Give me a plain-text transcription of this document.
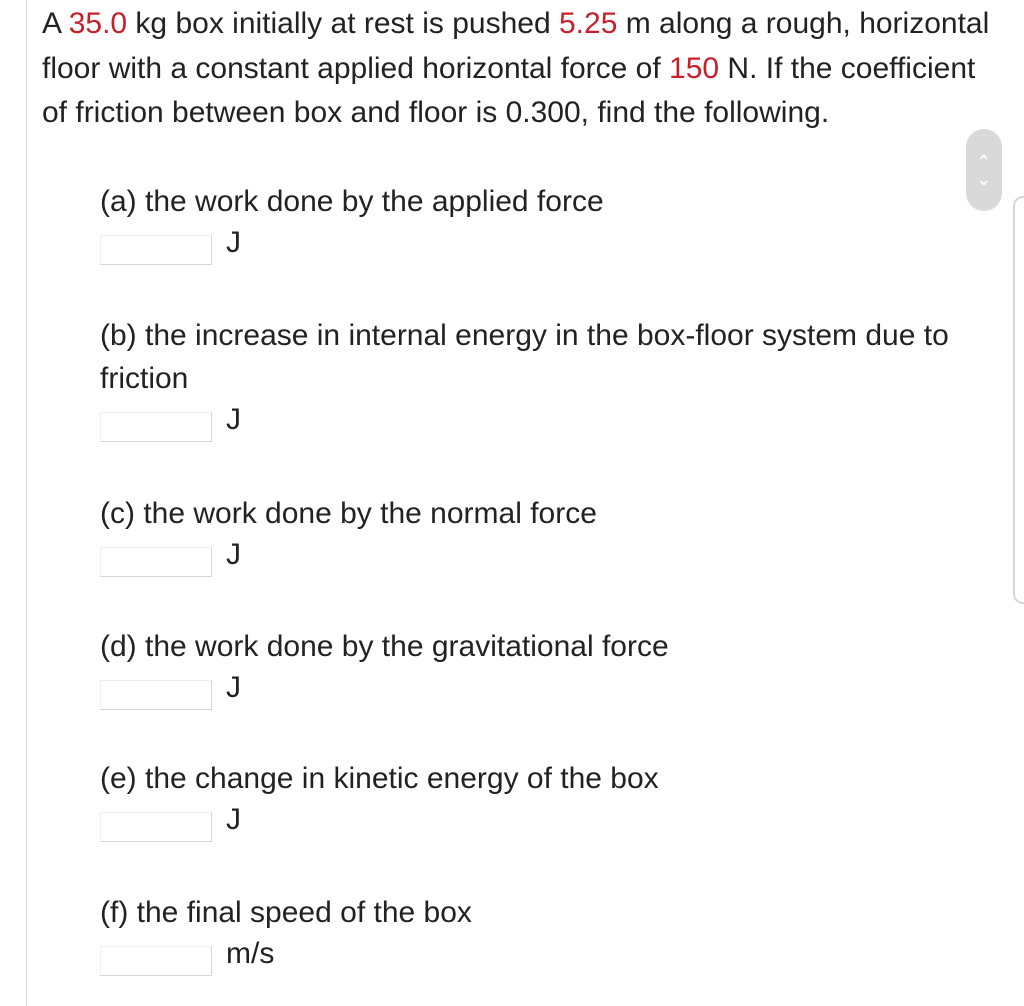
A 35.0 kg box initially at rest is pushed 5.25 m along a rough, horizontal floor with a constant applied horizontal force of 150 N. If the coefficient of friction between box and floor is 0.300, find the following.

‹
›

(a) the work done by the applied force

J

(b) the increase in internal energy in the box-floor system due to friction

J

(c) the work done by the normal force

J

(d) the work done by the gravitational force

J

(e) the change in kinetic energy of the box

J

(f) the final speed of the box

m/s
